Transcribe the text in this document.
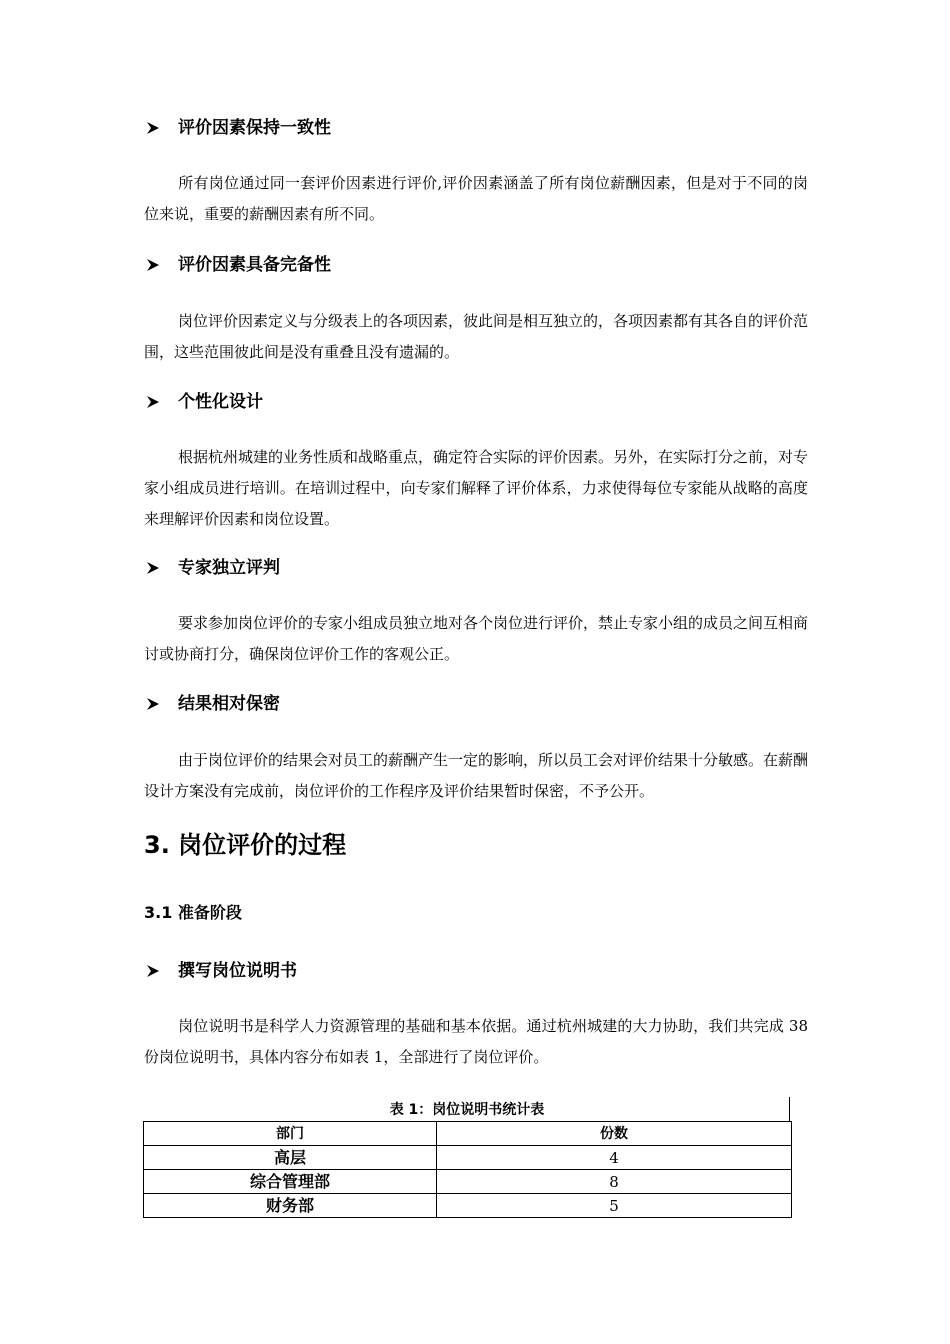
评价因素保持一致性

所有岗位通过同一套评价因素进行评价,评价因素涵盖了所有岗位薪酬因素，但是对于不同的岗位来说，重要的薪酬因素有所不同。

评价因素具备完备性

岗位评价因素定义与分级表上的各项因素，彼此间是相互独立的，各项因素都有其各自的评价范围，这些范围彼此间是没有重叠且没有遗漏的。

个性化设计

根据杭州城建的业务性质和战略重点，确定符合实际的评价因素。另外，在实际打分之前，对专家小组成员进行培训。在培训过程中，向专家们解释了评价体系，力求使得每位专家能从战略的高度来理解评价因素和岗位设置。

专家独立评判

要求参加岗位评价的专家小组成员独立地对各个岗位进行评价，禁止专家小组的成员之间互相商讨或协商打分，确保岗位评价工作的客观公正。

结果相对保密

由于岗位评价的结果会对员工的薪酬产生一定的影响，所以员工会对评价结果十分敏感。在薪酬设计方案没有完成前，岗位评价的工作程序及评价结果暂时保密，不予公开。

3. 岗位评价的过程
3.1 准备阶段
撰写岗位说明书

岗位说明书是科学人力资源管理的基础和基本依据。通过杭州城建的大力协助，我们共完成 38 份岗位说明书，具体内容分布如表 1，全部进行了岗位评价。

表 1：岗位说明书统计表
部门	份数
高层	4
综合管理部	8
财务部	5
